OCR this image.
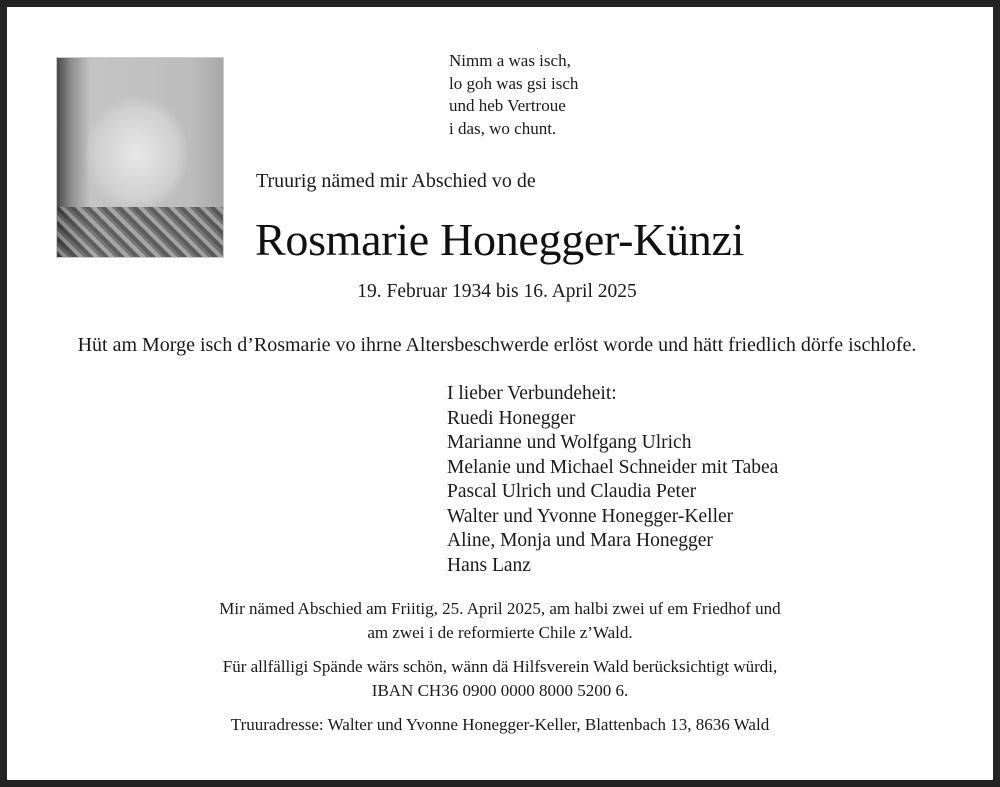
Nimm a was isch,
lo goh was gsi isch
und heb Vertroue
i das, wo chunt.
Truurig nämed mir Abschied vo de
Rosmarie Honegger-Künzi
19. Februar 1934 bis 16. April 2025
Hüt am Morge isch d’Rosmarie vo ihrne Altersbeschwerde erlöst worde und hätt friedlich dörfe ischlofe.
I lieber Verbundeheit:
Ruedi Honegger
Marianne und Wolfgang Ulrich
Melanie und Michael Schneider mit Tabea
Pascal Ulrich und Claudia Peter
Walter und Yvonne Honegger-Keller
Aline, Monja und Mara Honegger
Hans Lanz
Mir nämed Abschied am Friitig, 25. April 2025, am halbi zwei uf em Friedhof und
am zwei i de reformierte Chile z’Wald.
Für allfälligi Spände wärs schön, wänn dä Hilfsverein Wald berücksichtigt würdi,
IBAN CH36 0900 0000 8000 5200 6.
Truuradresse: Walter und Yvonne Honegger-Keller, Blattenbach 13, 8636 Wald
